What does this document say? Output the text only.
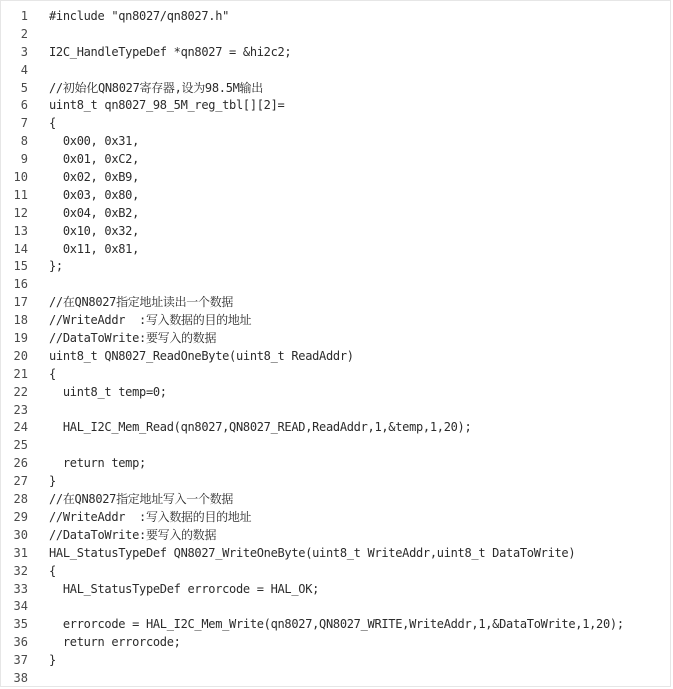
1 #include "qn8027/qn8027.h"
2
3 I2C_HandleTypeDef *qn8027 = &hi2c2;
4
5 //初始化QN8027寄存器,设为98.5M输出
6 uint8_t qn8027_98_5M_reg_tbl[][2]=
7 {
8 0x00, 0x31,
9 0x01, 0xC2,
10 0x02, 0xB9,
11 0x03, 0x80,
12 0x04, 0xB2,
13 0x10, 0x32,
14 0x11, 0x81,
15 };
16
17 //在QN8027指定地址读出一个数据
18 //WriteAddr  :写入数据的目的地址
19 //DataToWrite:要写入的数据
20 uint8_t QN8027_ReadOneByte(uint8_t ReadAddr)
21 {
22 uint8_t temp=0;
23
24 HAL_I2C_Mem_Read(qn8027,QN8027_READ,ReadAddr,1,&temp,1,20);
25
26 return temp;
27 }
28 //在QN8027指定地址写入一个数据
29 //WriteAddr  :写入数据的目的地址
30 //DataToWrite:要写入的数据
31 HAL_StatusTypeDef QN8027_WriteOneByte(uint8_t WriteAddr,uint8_t DataToWrite)
32 {
33 HAL_StatusTypeDef errorcode = HAL_OK;
34
35 errorcode = HAL_I2C_Mem_Write(qn8027,QN8027_WRITE,WriteAddr,1,&DataToWrite,1,20);
36 return errorcode;
37 }
38
